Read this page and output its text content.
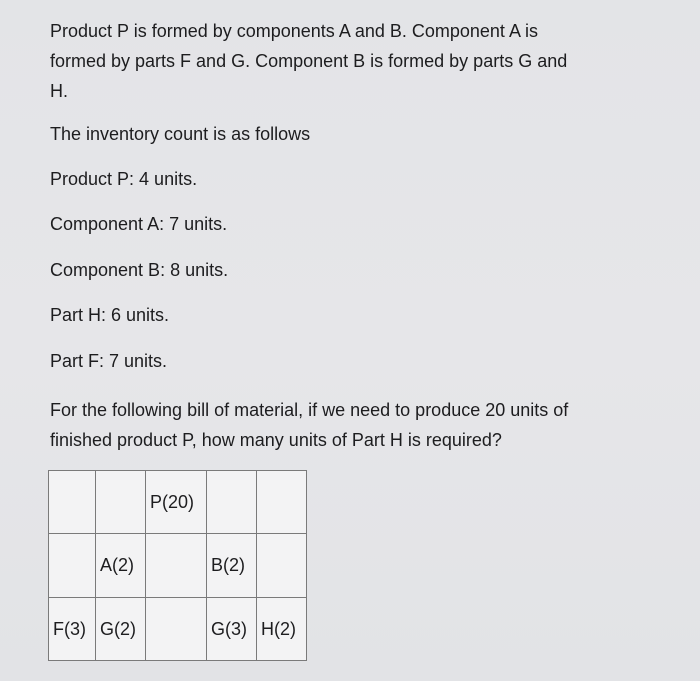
Product P is formed by components A and B. Component A is
formed by parts F and G. Component B is formed by parts G and
H.

The inventory count is as follows

Product P: 4 units.

Component A: 7 units.

Component B: 8 units.

Part H: 6 units.

Part F: 7 units.

For the following bill of material, if we need to produce 20 units of
finished product P, how many units of Part H is required?

		P(20)		

	A(2)		B(2)	

F(3)	G(2)		G(3)	H(2)
